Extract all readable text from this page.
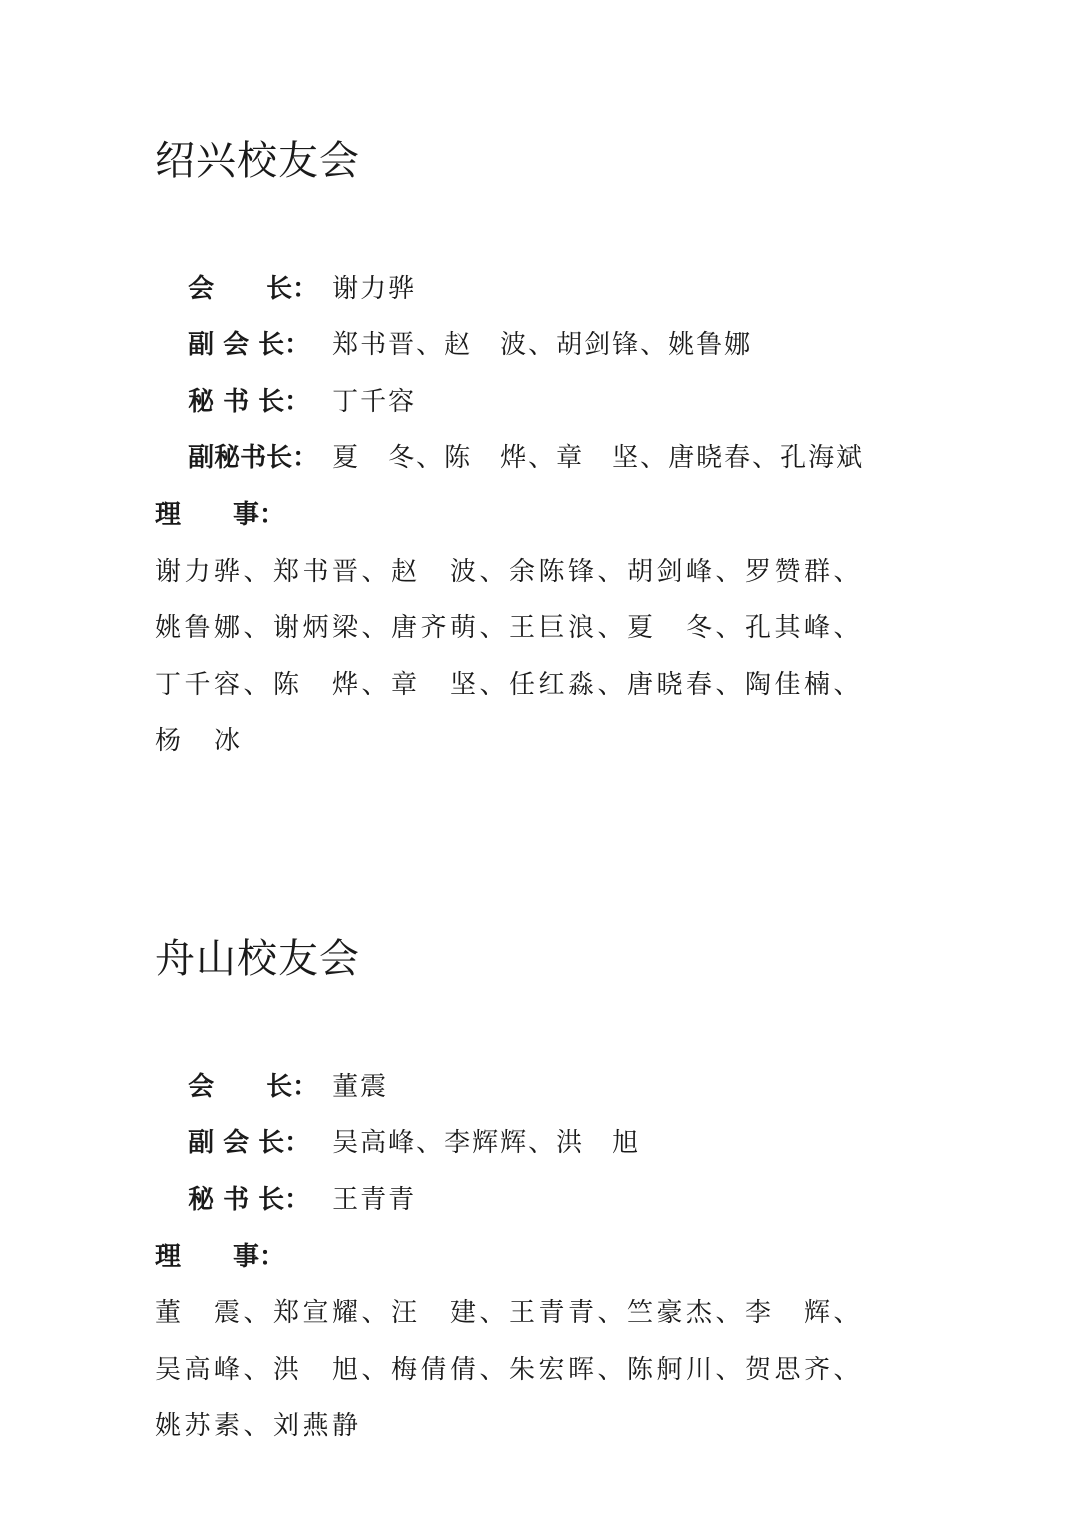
绍兴校友会

会　　长： 谢力骅

副 会 长： 郑书晋、赵　波、胡剑锋、姚鲁娜

秘 书 长： 丁千容

副秘书长： 夏　冬、陈　烨、章　坚、唐晓春、孔海斌

理　　事：
谢力骅、郑书晋、赵　波、余陈锋、胡剑峰、罗赞群、
姚鲁娜、谢炳梁、唐齐萌、王巨浪、夏　冬、孔其峰、
丁千容、陈　烨、章　坚、任红淼、唐晓春、陶佳楠、
杨　冰
舟山校友会

会　　长： 董震

副 会 长： 吴高峰、李辉辉、洪　旭

秘 书 长： 王青青

理　　事：
董　震、郑宣耀、汪　建、王青青、竺豪杰、李　辉、
吴高峰、洪　旭、梅倩倩、朱宏晖、陈舸川、贺思齐、
姚苏素、刘燕静
